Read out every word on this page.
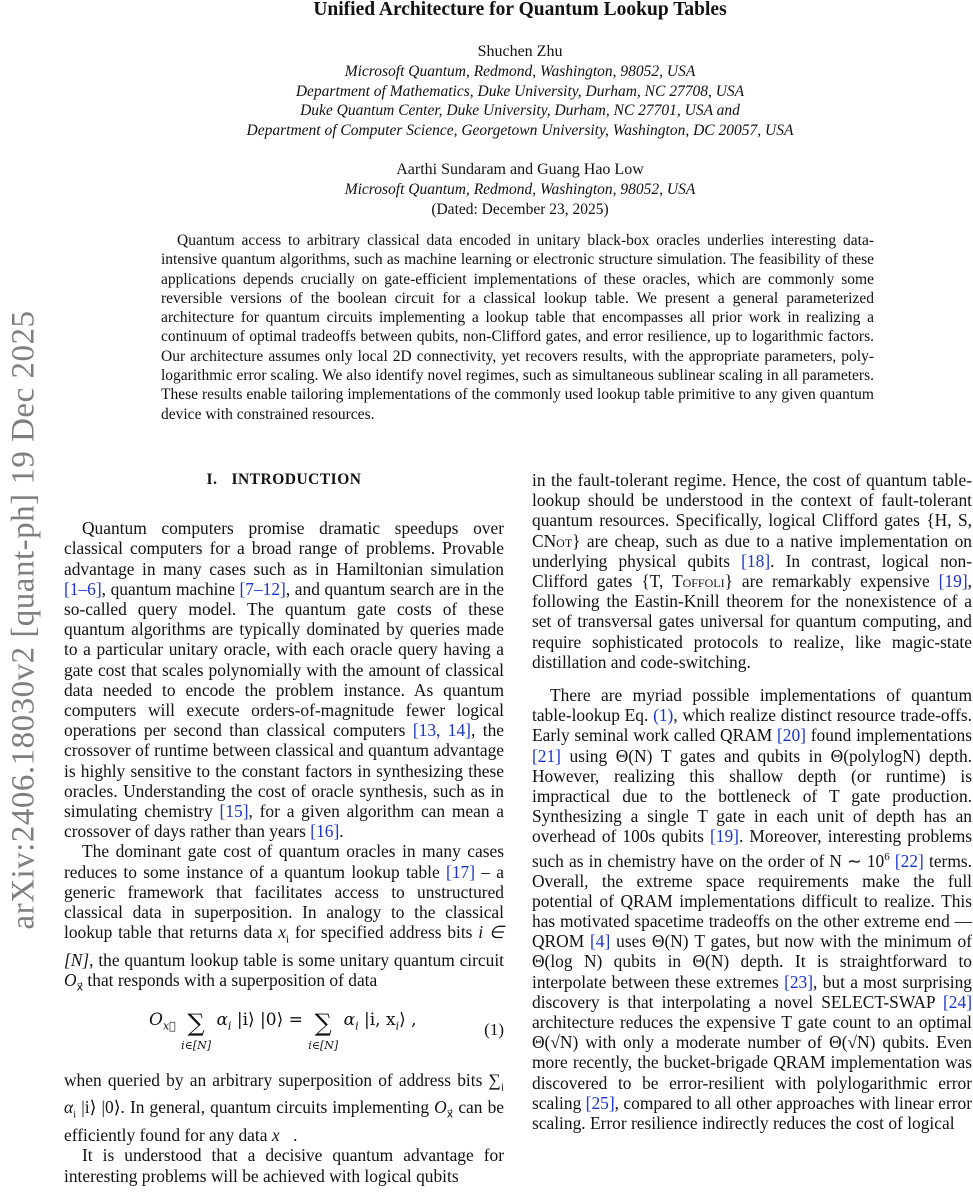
arXiv:2406.18030v2 [quant-ph] 19 Dec 2025
Unified Architecture for Quantum Lookup Tables
Shuchen Zhu
Microsoft Quantum, Redmond, Washington, 98052, USA
Department of Mathematics, Duke University, Durham, NC 27708, USA
Duke Quantum Center, Duke University, Durham, NC 27701, USA and
Department of Computer Science, Georgetown University, Washington, DC 20057, USA
Aarthi Sundaram and Guang Hao Low
Microsoft Quantum, Redmond, Washington, 98052, USA
(Dated: December 23, 2025)

Quantum access to arbitrary classical data encoded in unitary black-box oracles underlies interesting data-intensive quantum algorithms, such as machine learning or electronic structure simulation. The feasibility of these applications depends crucially on gate-efficient implementations of these oracles, which are commonly some reversible versions of the boolean circuit for a classical lookup table. We present a general parameterized architecture for quantum circuits implementing a lookup table that encompasses all prior work in realizing a continuum of optimal tradeoffs between qubits, non-Clifford gates, and error resilience, up to logarithmic factors. Our architecture assumes only local 2D connectivity, yet recovers results, with the appropriate parameters, poly-logarithmic error scaling. We also identify novel regimes, such as simultaneous sublinear scaling in all parameters. These results enable tailoring implementations of the commonly used lookup table primitive to any given quantum device with constrained resources.

I. INTRODUCTION

Quantum computers promise dramatic speedups over classical computers for a broad range of problems. Provable advantage in many cases such as in Hamiltonian simulation [1–6], quantum machine [7–12], and quantum search are in the so-called query model. The quantum gate costs of these quantum algorithms are typically dominated by queries made to a particular unitary oracle, with each oracle query having a gate cost that scales polynomially with the amount of classical data needed to encode the problem instance. As quantum computers will execute orders-of-magnitude fewer logical operations per second than classical computers [13, 14], the crossover of runtime between classical and quantum advantage is highly sensitive to the constant factors in synthesizing these oracles. Understanding the cost of oracle synthesis, such as in simulating chemistry [15], for a given algorithm can mean a crossover of days rather than years [16].

The dominant gate cost of quantum oracles in many cases reduces to some instance of a quantum lookup table [17] – a generic framework that facilitates access to unstructured classical data in superposition. In analogy to the classical lookup table that returns data $x_i$ for specified address bits i ∈ [N], the quantum lookup table is some unitary quantum circuit $O_{x⃗}$ that responds with a superposition of data

$O_{x⃗}$ ∑
i∈[N]
$\alpha_i$ |i⟩ |0⟩ = ∑
i∈[N]
$\alpha_i$ |i, $x_i⟩$ ,	(1)

when queried by an arbitrary superposition of address bits $\sum_i$ $\alpha_i$ |i⟩ |0⟩. In general, quantum circuits implementing $O_{x⃗}$ can be efficiently found for any data x⃗.

It is understood that a decisive quantum advantage for interesting problems will be achieved with logical qubits

in the fault-tolerant regime. Hence, the cost of quantum table-lookup should be understood in the context of fault-tolerant quantum resources. Specifically, logical Clifford gates {H, S, CNot} are cheap, such as due to a native implementation on underlying physical qubits [18]. In contrast, logical non-Clifford gates {T, Toffoli} are remarkably expensive [19], following the Eastin-Knill theorem for the nonexistence of a set of transversal gates universal for quantum computing, and require sophisticated protocols to realize, like magic-state distillation and code-switching.

There are myriad possible implementations of quantum table-lookup Eq. (1), which realize distinct resource trade-offs. Early seminal work called QRAM [20] found implementations [21] using Θ(N) T gates and qubits in Θ(polylogN) depth. However, realizing this shallow depth (or runtime) is impractical due to the bottleneck of T gate production. Synthesizing a single T gate in each unit of depth has an overhead of 100s qubits [19]. Moreover, interesting problems such as in chemistry have on the order of N ∼ $10^6$ [22] terms. Overall, the extreme space requirements make the full potential of QRAM implementations difficult to realize. This has motivated spacetime tradeoffs on the other extreme end — QROM [4] uses Θ(N) T gates, but now with the minimum of Θ(log N) qubits in Θ(N) depth. It is straightforward to interpolate between these extremes [23], but a most surprising discovery is that interpolating a novel SELECT-SWAP [24] architecture reduces the expensive T gate count to an optimal Θ(√N) with only a moderate number of Θ(√N) qubits. Even more recently, the bucket-brigade QRAM implementation was discovered to be error-resilient with polylogarithmic error scaling [25], compared to all other approaches with linear error scaling. Error resilience indirectly reduces the cost of logical
